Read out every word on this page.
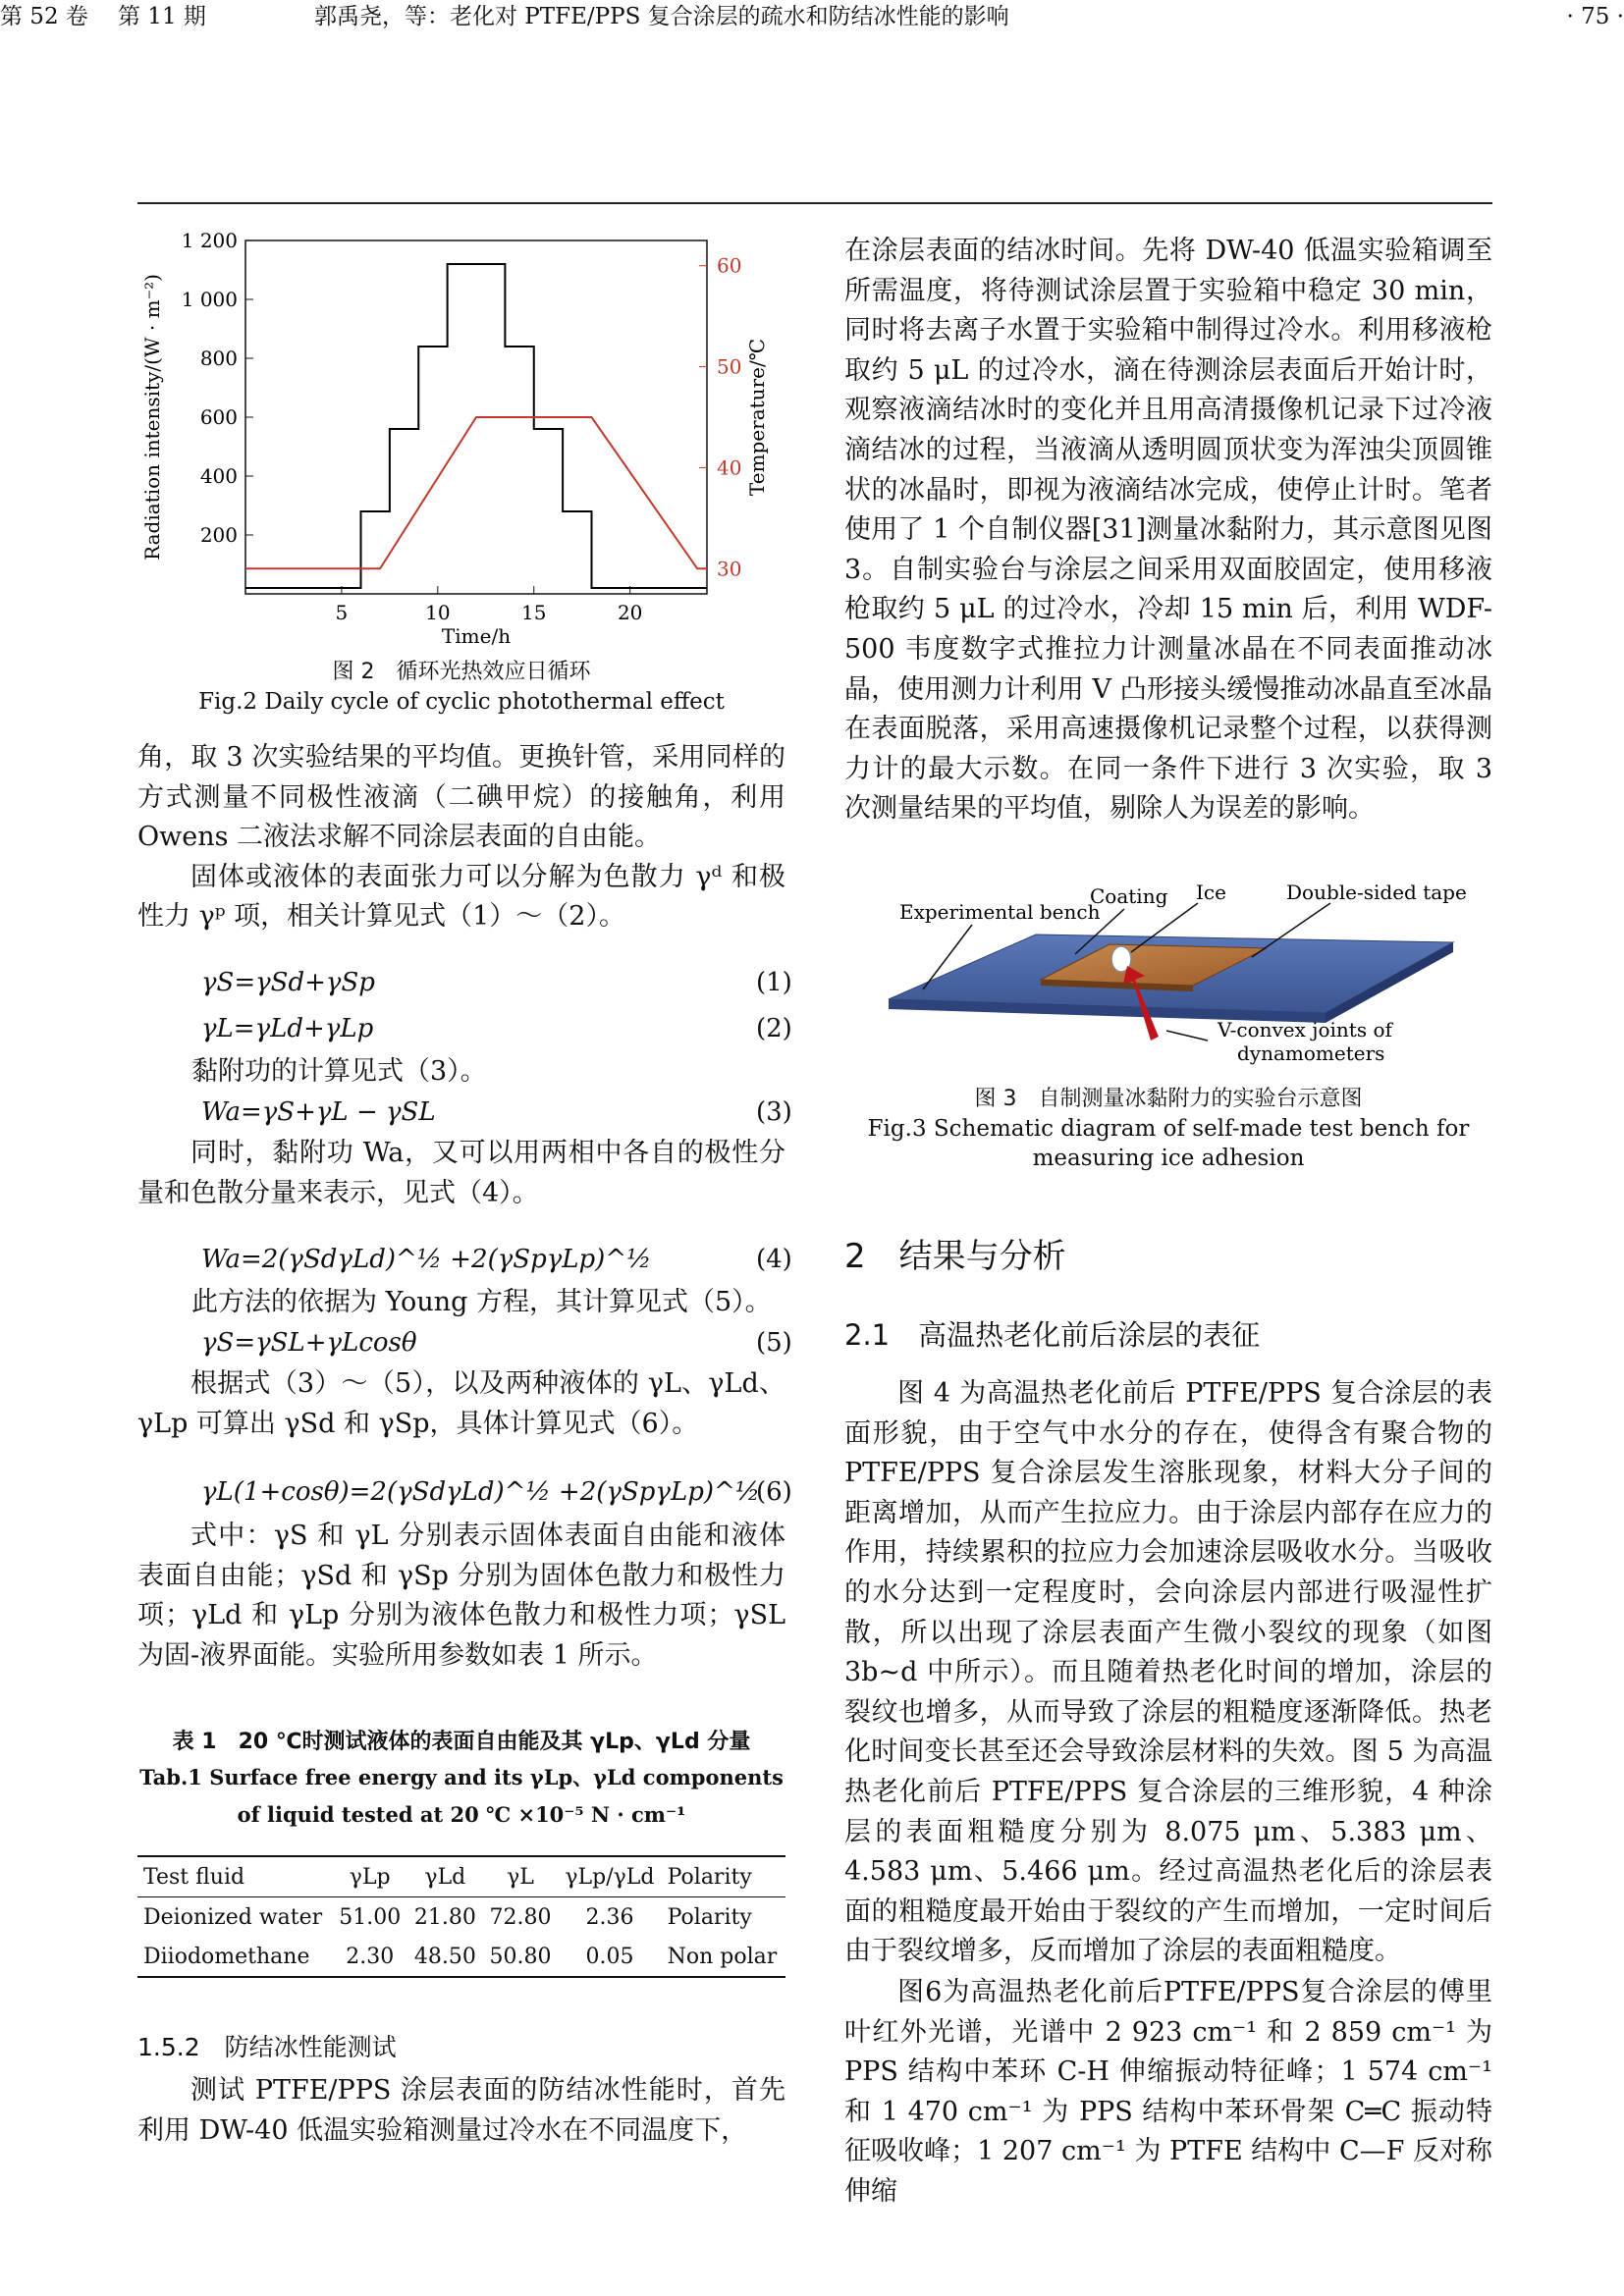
第 52 卷 第 11 期	郭禹尧，等：老化对 PTFE/PPS 复合涂层的疏水和防结冰性能的影响	· 75 ·
5	10	15	20
200
400
600
800
1 000
1 200
30
40
50
60
Time/h
Radiation intensity/(W · m⁻²)	Temperature/℃
图 2　循环光热效应日循环
Fig.2 Daily cycle of cyclic photothermal effect

角，取 3 次实验结果的平均值。更换针管，采用同样的方式测量不同极性液滴（二碘甲烷）的接触角，利用 Owens 二液法求解不同涂层表面的自由能。

固体或液体的表面张力可以分解为色散力 γᵈ 和极性力 γᵖ 项，相关计算见式（1）～（2）。

γS=γSd+γSp	(1)
γL=γLd+γLp	(2)
黏附功的计算见式（3）。
Wa=γS+γL − γSL	(3)
同时，黏附功 Wa，又可以用两相中各自的极性分量和色散分量来表示，见式（4）。
Wa=2(γSdγLd)^½ +2(γSpγLp)^½	(4)
此方法的依据为 Young 方程，其计算见式（5）。
γS=γSL+γLcosθ	(5)
根据式（3）～（5），以及两种液体的 γL、γLd、γLp 可算出 γSd 和 γSp，具体计算见式（6）。
γL(1+cosθ)=2(γSdγLd)^½ +2(γSpγLp)^½
(6)
式中：γS 和 γL 分别表示固体表面自由能和液体表面自由能；γSd 和 γSp 分别为固体色散力和极性力项；γLd 和 γLp 分别为液体色散力和极性力项；γSL 为固-液界面能。实验所用参数如表 1 所示。
表 1　20 ℃时测试液体的表面自由能及其 γLp、γLd 分量
Tab.1 Surface free energy and its γLp、γLd components of liquid tested at 20 ℃ ×10⁻⁵ N · cm⁻¹
Test fluid	γLp	γLd	γL	γLp/γLd	Polarity
Deionized water	51.00	21.80	72.80	2.36	Polarity
Diiodomethane	2.30	48.50	50.80	0.05	Non polar
1.5.2　防结冰性能测试
测试 PTFE/PPS 涂层表面的防结冰性能时，首先利用 DW-40 低温实验箱测量过冷水在不同温度下，
在涂层表面的结冰时间。先将 DW-40 低温实验箱调至所需温度，将待测试涂层置于实验箱中稳定 30 min，同时将去离子水置于实验箱中制得过冷水。利用移液枪取约 5 μL 的过冷水，滴在待测涂层表面后开始计时，观察液滴结冰时的变化并且用高清摄像机记录下过冷液滴结冰的过程，当液滴从透明圆顶状变为浑浊尖顶圆锥状的冰晶时，即视为液滴结冰完成，使停止计时。笔者使用了 1 个自制仪器[31]测量冰黏附力，其示意图见图 3。自制实验台与涂层之间采用双面胶固定，使用移液枪取约 5 μL 的过冷水，冷却 15 min 后，利用 WDF-500 韦度数字式推拉力计测量冰晶在不同表面推动冰晶，使用测力计利用 V 凸形接头缓慢推动冰晶直至冰晶在表面脱落，采用高速摄像机记录整个过程，以获得测力计的最大示数。在同一条件下进行 3 次实验，取 3 次测量结果的平均值，剔除人为误差的影响。
Experimental bench
Coating Ice	Double-sided tape
V-convex joints of
dynamometers
图 3　自制测量冰黏附力的实验台示意图
Fig.3 Schematic diagram of self-made test bench for
measuring ice adhesion
2　结果与分析
2.1　高温热老化前后涂层的表征
图 4 为高温热老化前后 PTFE/PPS 复合涂层的表面形貌，由于空气中水分的存在，使得含有聚合物的 PTFE/PPS 复合涂层发生溶胀现象，材料大分子间的距离增加，从而产生拉应力。由于涂层内部存在应力的作用，持续累积的拉应力会加速涂层吸收水分。当吸收的水分达到一定程度时，会向涂层内部进行吸湿性扩散，所以出现了涂层表面产生微小裂纹的现象（如图 3b~d 中所示）。而且随着热老化时间的增加，涂层的裂纹也增多，从而导致了涂层的粗糙度逐渐降低。热老化时间变长甚至还会导致涂层材料的失效。图 5 为高温热老化前后 PTFE/PPS 复合涂层的三维形貌，4 种涂层的表面粗糙度分别为 8.075 μm、5.383 μm、4.583 μm、5.466 μm。经过高温热老化后的涂层表面的粗糙度最开始由于裂纹的产生而增加，一定时间后由于裂纹增多，反而增加了涂层的表面粗糙度。
图6为高温热老化前后PTFE/PPS复合涂层的傅里叶红外光谱，光谱中 2 923 cm⁻¹ 和 2 859 cm⁻¹ 为 PPS 结构中苯环 C-H 伸缩振动特征峰；1 574 cm⁻¹ 和 1 470 cm⁻¹ 为 PPS 结构中苯环骨架 C═C 振动特征吸收峰；1 207 cm⁻¹ 为 PTFE 结构中 C—F 反对称伸缩
